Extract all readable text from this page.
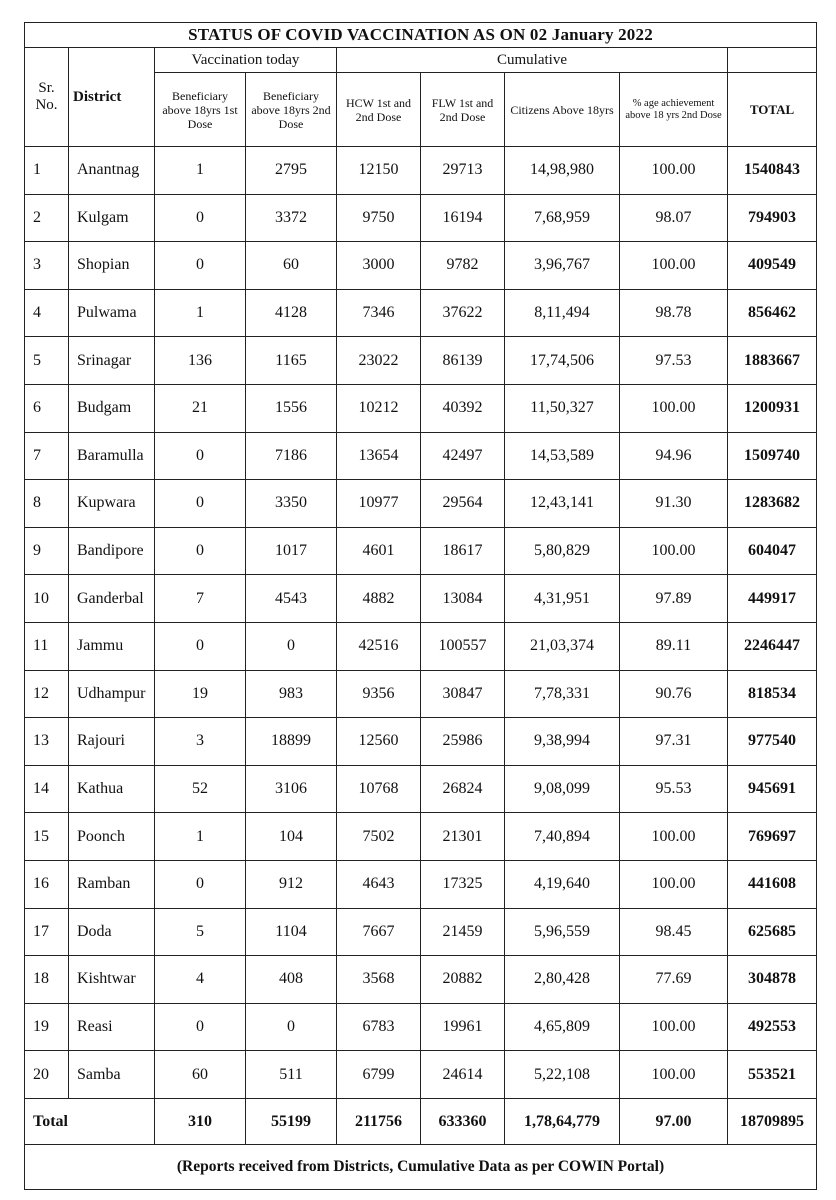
STATUS OF COVID VACCINATION AS ON 02 January 2022								
Sr.
No.	District	Vaccination today		Cumulative				
		Beneficiary above 18yrs 1st Dose	Beneficiary above 18yrs 2nd Dose	HCW 1st and 2nd Dose	FLW 1st and 2nd Dose	Citizens Above 18yrs	% age achievement above 18 yrs 2nd Dose	TOTAL
1	Anantnag	1	2795	12150	29713	14,98,980	100.00	1540843
2	Kulgam	0	3372	9750	16194	7,68,959	98.07	794903
3	Shopian	0	60	3000	9782	3,96,767	100.00	409549
4	Pulwama	1	4128	7346	37622	8,11,494	98.78	856462
5	Srinagar	136	1165	23022	86139	17,74,506	97.53	1883667
6	Budgam	21	1556	10212	40392	11,50,327	100.00	1200931
7	Baramulla	0	7186	13654	42497	14,53,589	94.96	1509740
8	Kupwara	0	3350	10977	29564	12,43,141	91.30	1283682
9	Bandipore	0	1017	4601	18617	5,80,829	100.00	604047
10	Ganderbal	7	4543	4882	13084	4,31,951	97.89	449917
11	Jammu	0	0	42516	100557	21,03,374	89.11	2246447
12	Udhampur	19	983	9356	30847	7,78,331	90.76	818534
13	Rajouri	3	18899	12560	25986	9,38,994	97.31	977540
14	Kathua	52	3106	10768	26824	9,08,099	95.53	945691
15	Poonch	1	104	7502	21301	7,40,894	100.00	769697
16	Ramban	0	912	4643	17325	4,19,640	100.00	441608
17	Doda	5	1104	7667	21459	5,96,559	98.45	625685
18	Kishtwar	4	408	3568	20882	2,80,428	77.69	304878
19	Reasi	0	0	6783	19961	4,65,809	100.00	492553
20	Samba	60	511	6799	24614	5,22,108	100.00	553521
Total		310	55199	211756	633360	1,78,64,779	97.00	18709895
(Reports received from Districts, Cumulative Data as per COWIN Portal)								
